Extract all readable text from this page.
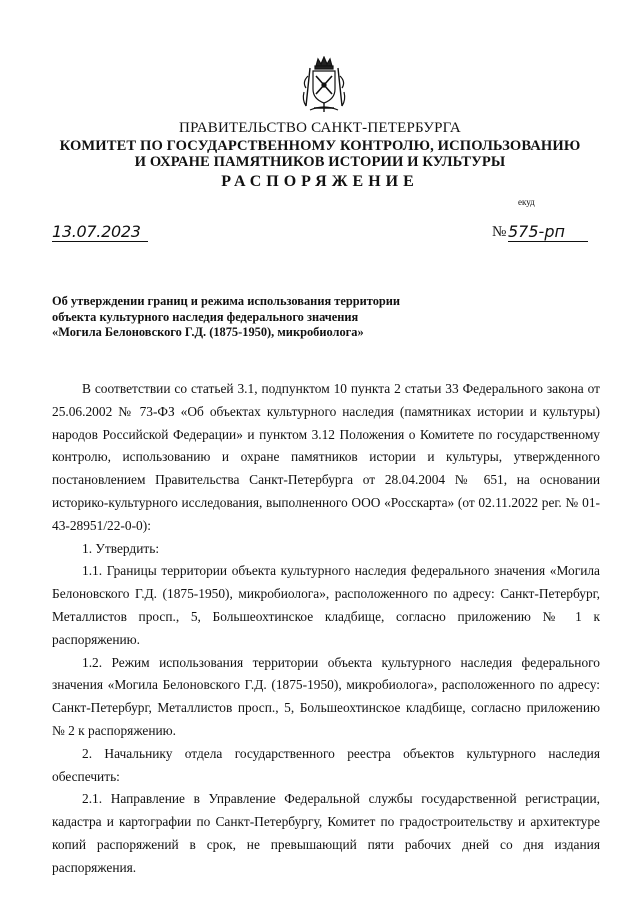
ПРАВИТЕЛЬСТВО САНКТ-ПЕТЕРБУРГА
КОМИТЕТ ПО ГОСУДАРСТВЕННОМУ КОНТРОЛЮ, ИСПОЛЬЗОВАНИЮ
И ОХРАНЕ ПАМЯТНИКОВ ИСТОРИИ И КУЛЬТУРЫ
РАСПОРЯЖЕНИЕ
eкуд
13.07.2023	№ 575-рп
Об утверждении границ и режима использования территории
объекта культурного наследия федерального значения
«Могила Белоновского Г.Д. (1875-1950), микробиолога»

В соответствии со статьей 3.1, подпунктом 10 пункта 2 статьи 33 Федерального закона от 25.06.2002 № 73-ФЗ «Об объектах культурного наследия (памятниках истории и культуры) народов Российской Федерации» и пунктом 3.12 Положения о Комитете по государственному контролю, использованию и охране памятников истории и культуры, утвержденного постановлением Правительства Санкт-Петербурга от 28.04.2004 № 651, на основании историко-культурного исследования, выполненного ООО «Росскарта» (от 02.11.2022 рег. № 01-43-28951/22-0-0):

1. Утвердить:

1.1. Границы территории объекта культурного наследия федерального значения «Могила Белоновского Г.Д. (1875-1950), микробиолога», расположенного по адресу: Санкт-Петербург, Металлистов просп., 5, Большеохтинское кладбище, согласно приложению № 1 к распоряжению.

1.2. Режим использования территории объекта культурного наследия федерального значения «Могила Белоновского Г.Д. (1875-1950), микробиолога», расположенного по адресу: Санкт-Петербург, Металлистов просп., 5, Большеохтинское кладбище, согласно приложению № 2 к распоряжению.

2. Начальнику отдела государственного реестра объектов культурного наследия обеспечить:

2.1. Направление в Управление Федеральной службы государственной регистрации, кадастра и картографии по Санкт-Петербургу, Комитет по градостроительству и архитектуре копий распоряжений в срок, не превышающий пяти рабочих дней со дня издания распоряжения.
